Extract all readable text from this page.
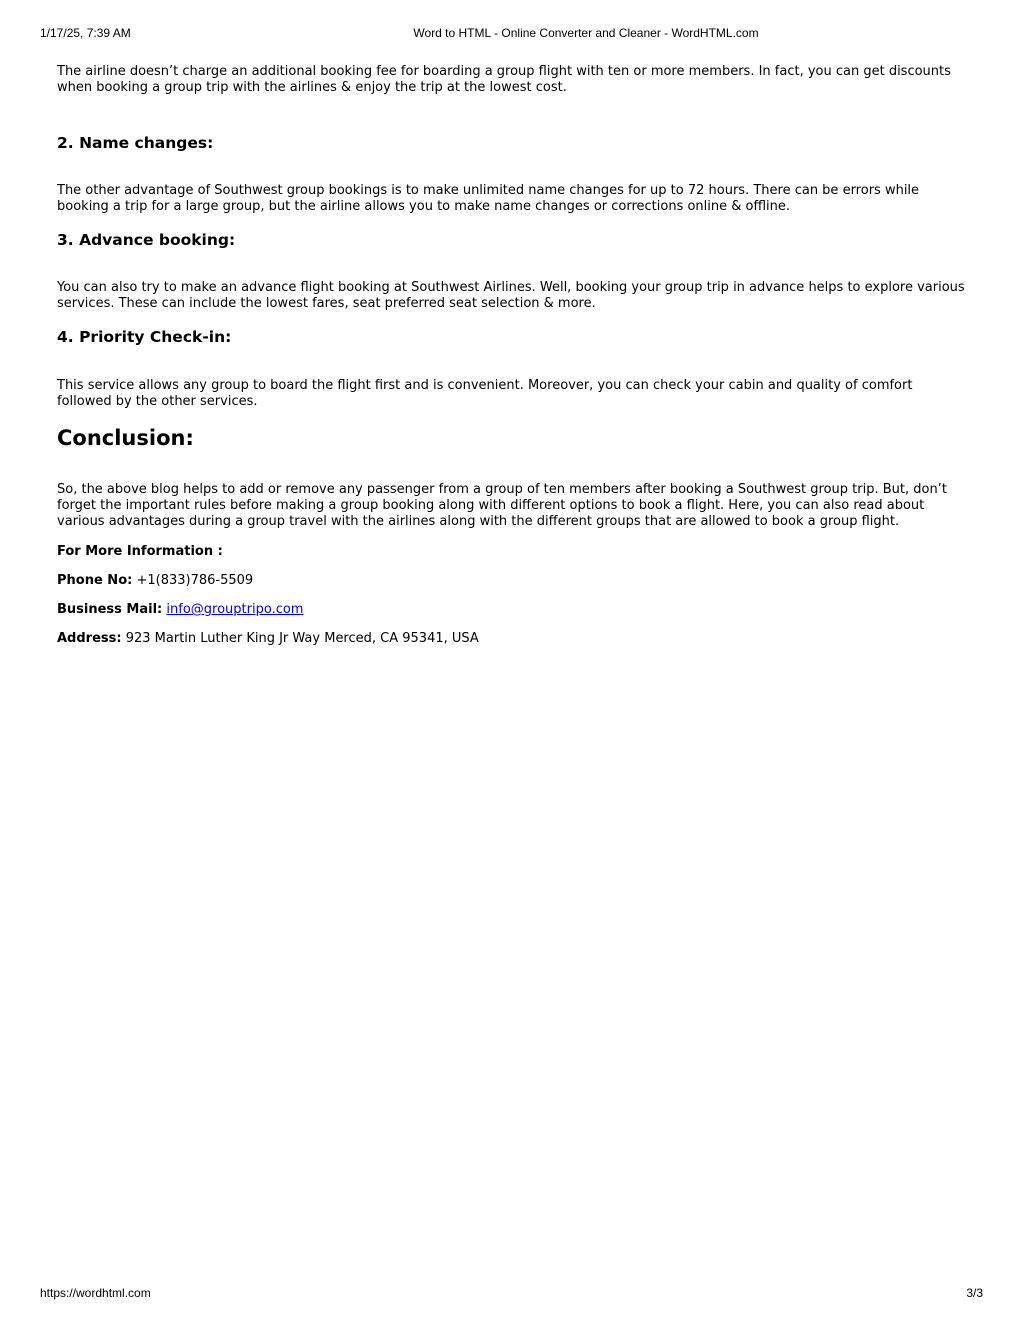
1/17/25, 7:39 AM	Word to HTML - Online Converter and Cleaner - WordHTML.com

The airline doesn’t charge an additional booking fee for boarding a group flight with ten or more members. In fact, you can get discounts when booking a group trip with the airlines & enjoy the trip at the lowest cost.

2. Name changes:

The other advantage of Southwest group bookings is to make unlimited name changes for up to 72 hours. There can be errors while booking a trip for a large group, but the airline allows you to make name changes or corrections online & offline.

3. Advance booking:

You can also try to make an advance flight booking at Southwest Airlines. Well, booking your group trip in advance helps to explore various services. These can include the lowest fares, seat preferred seat selection & more.

4. Priority Check-in:

This service allows any group to board the flight first and is convenient. Moreover, you can check your cabin and quality of comfort followed by the other services.

Conclusion:

So, the above blog helps to add or remove any passenger from a group of ten members after booking a Southwest group trip. But, don’t forget the important rules before making a group booking along with different options to book a flight. Here, you can also read about various advantages during a group travel with the airlines along with the different groups that are allowed to book a group flight.

For More Information :

Phone No: +1(833)786-5509

Business Mail: info@grouptripo.com

Address: 923 Martin Luther King Jr Way Merced, CA 95341, USA

https://wordhtml.com	3/3
